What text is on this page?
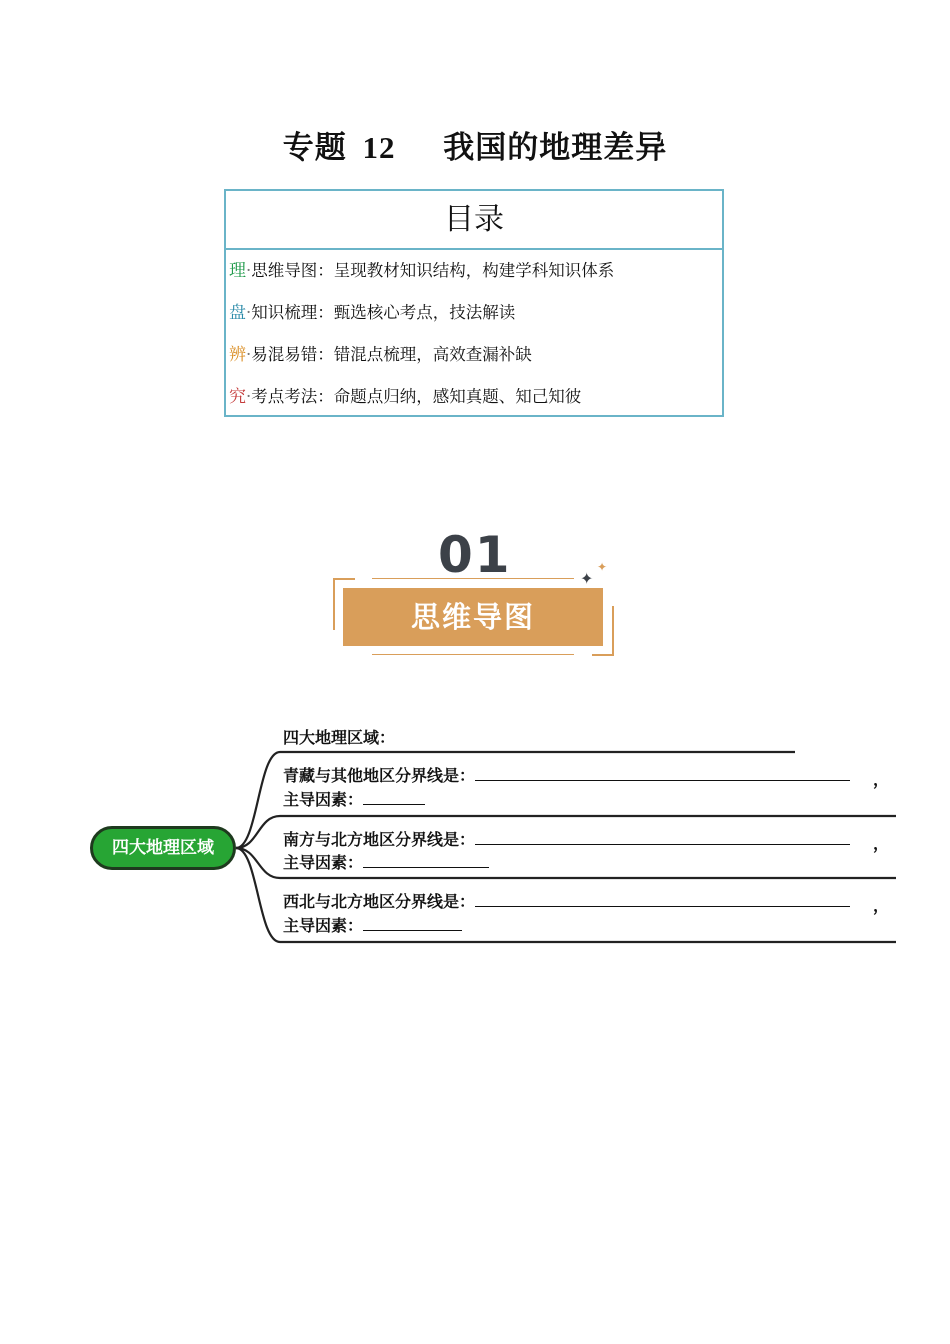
专题 12 我国的地理差异
目录
理·思维导图：呈现教材知识结构，构建学科知识体系
盘·知识梳理：甄选核心考点，技法解读
辨·易混易错：错混点梳理，高效查漏补缺
究·考点考法：命题点归纳，感知真题、知己知彼
01
思维导图
✦
✦
四大地理区域
四大地理区域：
青藏与其他地区分界线是：	，
主导因素：
南方与北方地区分界线是：	，
主导因素：
西北与北方地区分界线是：	，
主导因素：
